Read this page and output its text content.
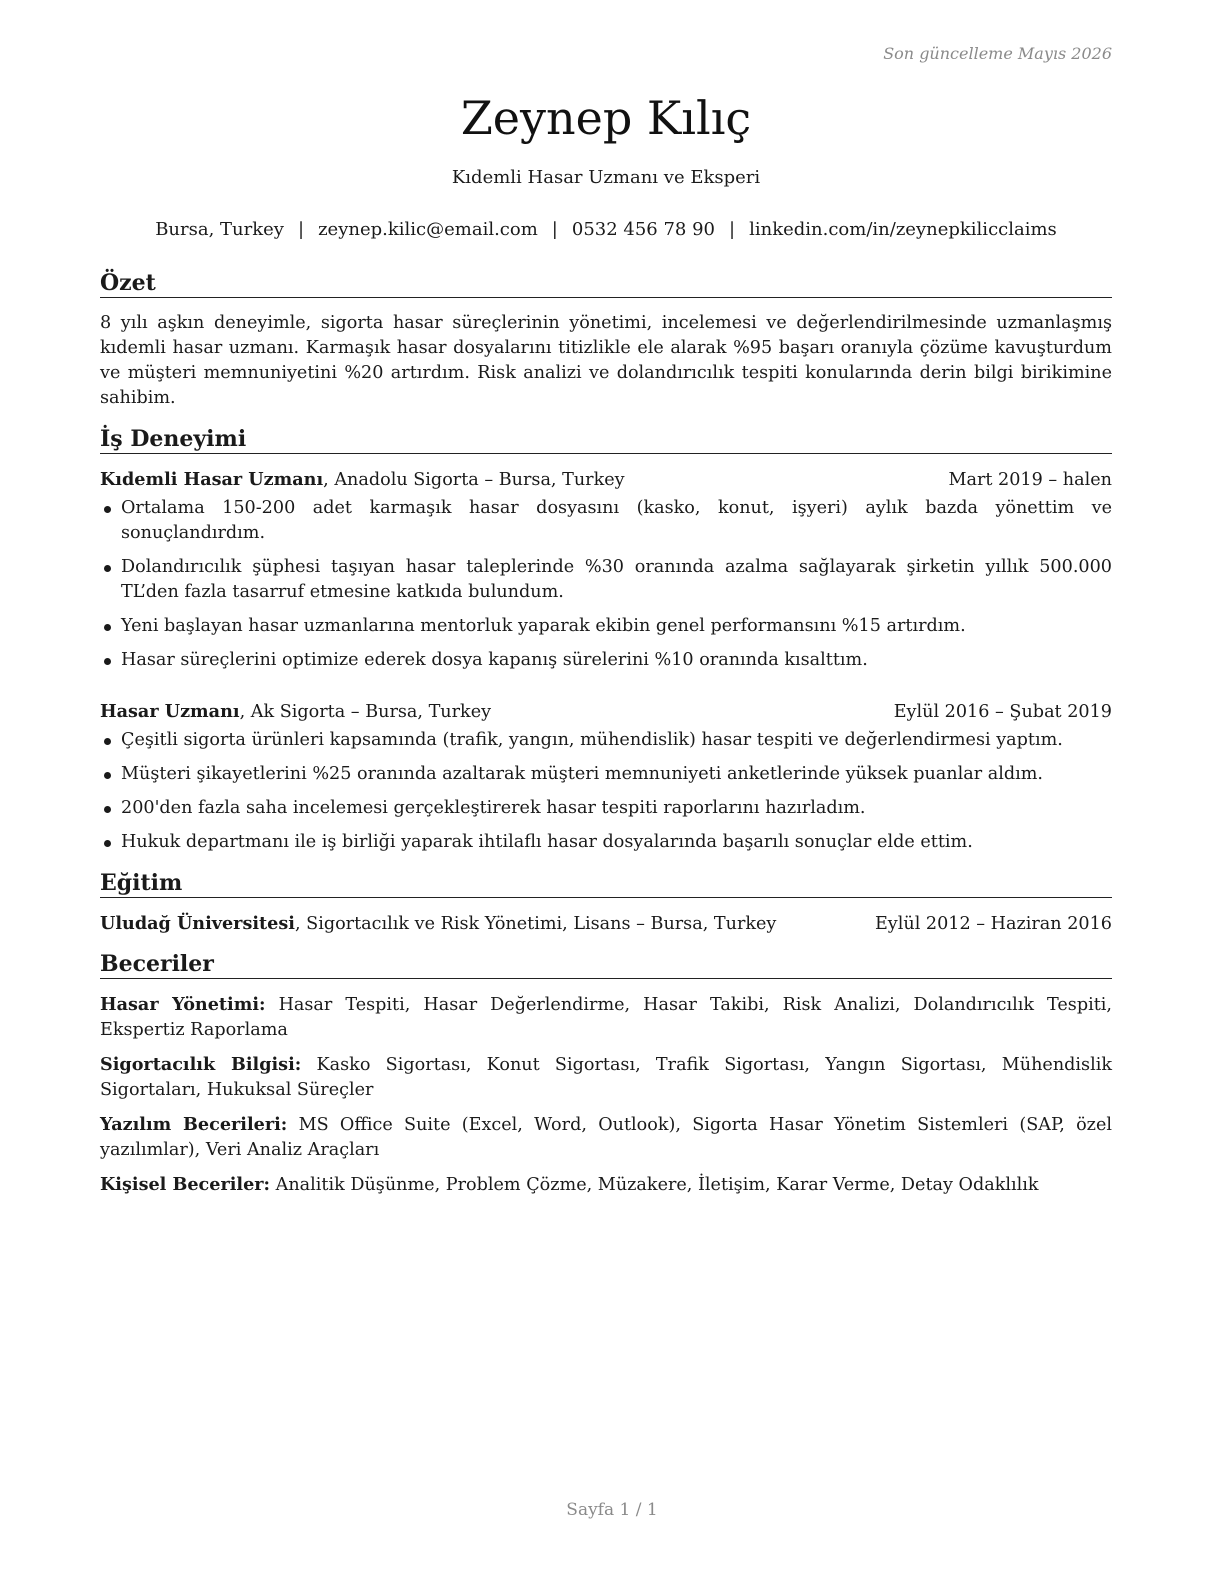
Son güncelleme Mayıs 2026
Zeynep Kılıç
Kıdemli Hasar Uzmanı ve Eksperi
Bursa, Turkey | zeynep.kilic@email.com | 0532 456 78 90 | linkedin.com/in/zeynepkilicclaims
Özet
8 yılı aşkın deneyimle, sigorta hasar süreçlerinin yönetimi, incelemesi ve değerlendirilmesinde uzmanlaşmış kıdemli hasar uzmanı. Karmaşık hasar dosyalarını titizlikle ele alarak %95 başarı oranıyla çözüme kavuşturdum ve müşteri memnuniyetini %20 artırdım. Risk analizi ve dolandırıcılık tespiti konularında derin bilgi birikimine sahibim.
İş Deneyimi
Kıdemli Hasar Uzmanı, Anadolu Sigorta – Bursa, Turkey	Mart 2019 – halen
Ortalama 150-200 adet karmaşık hasar dosyasını (kasko, konut, işyeri) aylık bazda yönettim ve sonuçlandırdım.
Dolandırıcılık şüphesi taşıyan hasar taleplerinde %30 oranında azalma sağlayarak şirketin yıllık 500.000 TL’den fazla tasarruf etmesine katkıda bulundum.
Yeni başlayan hasar uzmanlarına mentorluk yaparak ekibin genel performansını %15 artırdım.
Hasar süreçlerini optimize ederek dosya kapanış sürelerini %10 oranında kısalttım.
Hasar Uzmanı, Ak Sigorta – Bursa, Turkey	Eylül 2016 – Şubat 2019
Çeşitli sigorta ürünleri kapsamında (trafik, yangın, mühendislik) hasar tespiti ve değerlendirmesi yaptım.
Müşteri şikayetlerini %25 oranında azaltarak müşteri memnuniyeti anketlerinde yüksek puanlar aldım.
200'den fazla saha incelemesi gerçekleştirerek hasar tespiti raporlarını hazırladım.
Hukuk departmanı ile iş birliği yaparak ihtilaflı hasar dosyalarında başarılı sonuçlar elde ettim.
Eğitim
Uludağ Üniversitesi, Sigortacılık ve Risk Yönetimi, Lisans – Bursa, Turkey	Eylül 2012 – Haziran 2016
Beceriler
Hasar Yönetimi: Hasar Tespiti, Hasar Değerlendirme, Hasar Takibi, Risk Analizi, Dolandırıcılık Tespiti, Ekspertiz Raporlama
Sigortacılık Bilgisi: Kasko Sigortası, Konut Sigortası, Trafik Sigortası, Yangın Sigortası, Mühendislik Sigortaları, Hukuksal Süreçler
Yazılım Becerileri: MS Office Suite (Excel, Word, Outlook), Sigorta Hasar Yönetim Sistemleri (SAP, özel yazılımlar), Veri Analiz Araçları
Kişisel Beceriler: Analitik Düşünme, Problem Çözme, Müzakere, İletişim, Karar Verme, Detay Odaklılık
Sayfa 1 / 1
